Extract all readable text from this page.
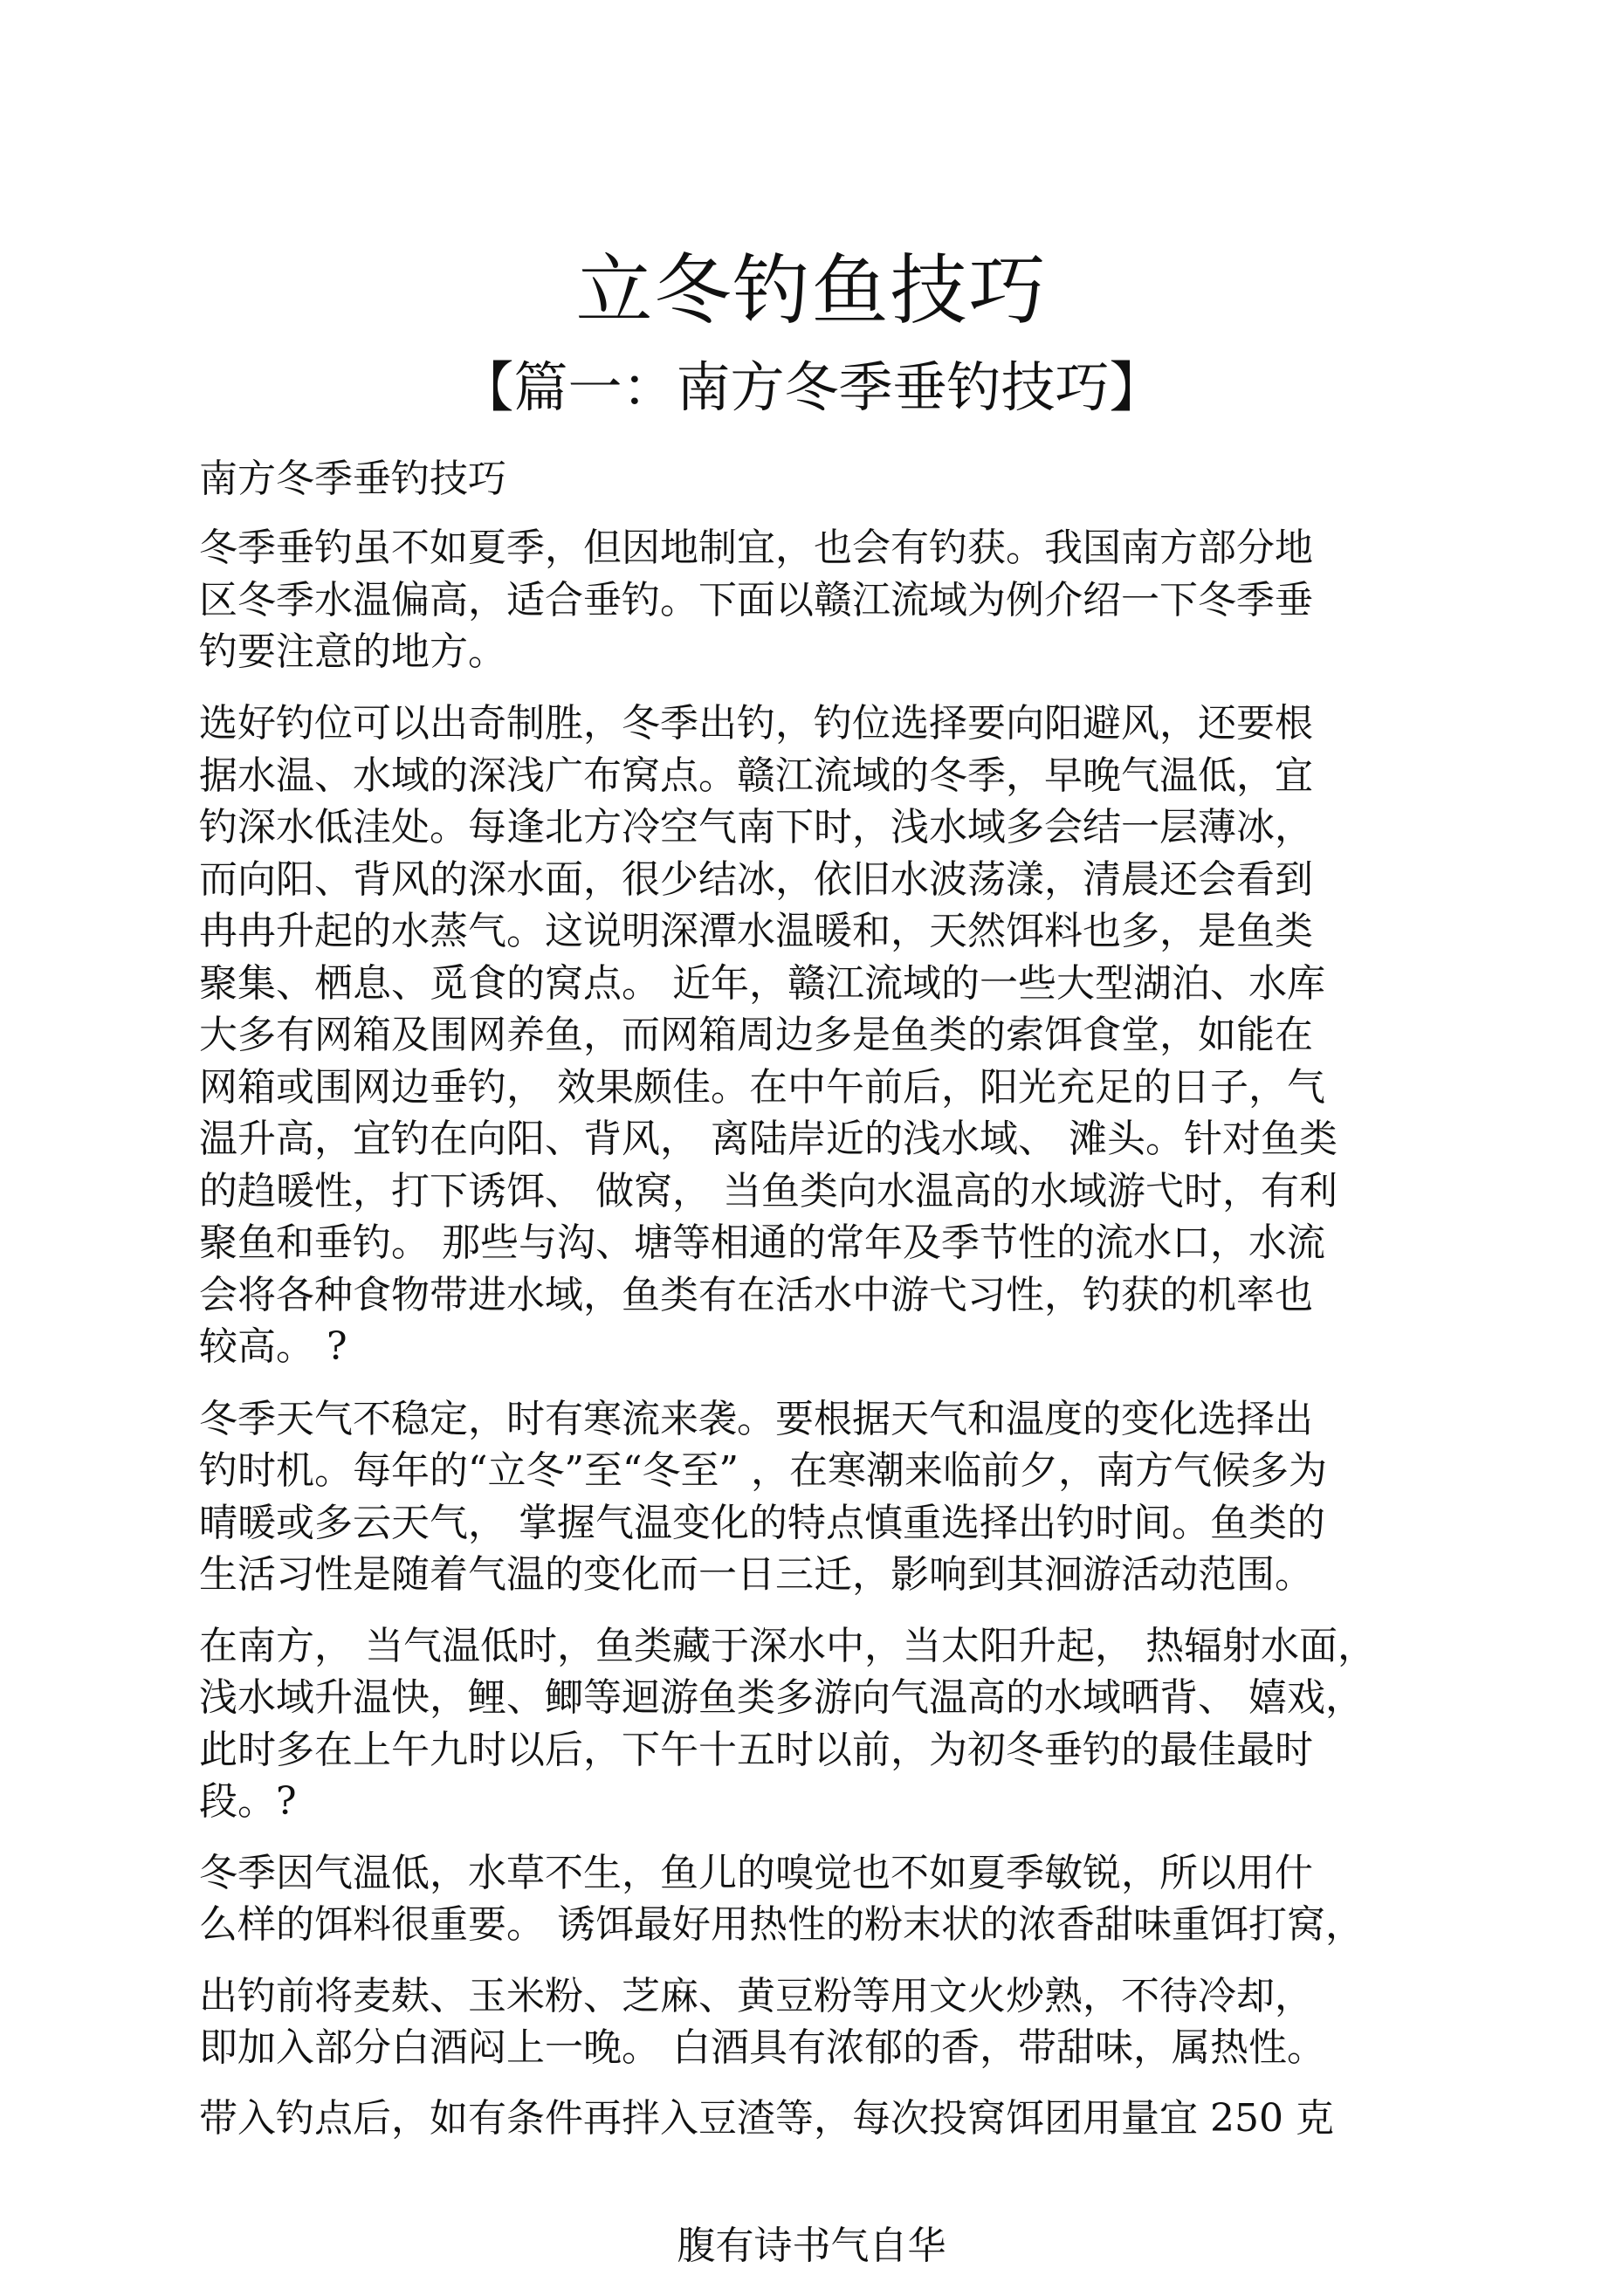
立冬钓鱼技巧
【篇一：南方冬季垂钓技巧】
南方冬季垂钓技巧
冬季垂钓虽不如夏季，但因地制宜，也会有钓获。我国南方部分地
区冬季水温偏高，适合垂钓。下面以赣江流域为例介绍一下冬季垂
钓要注意的地方。
选好钓位可以出奇制胜，冬季出钓，钓位选择要向阳避风，还要根
据水温、水域的深浅广布窝点。赣江流域的冬季，早晚气温低，宜
钓深水低洼处。每逢北方冷空气南下时，浅水域多会结一层薄冰，
而向阳、背风的深水面，很少结冰，依旧水波荡漾，清晨还会看到
冉冉升起的水蒸气。这说明深潭水温暖和，天然饵料也多，是鱼类
聚集、栖息、觅食的窝点。 近年，赣江流域的一些大型湖泊、水库
大多有网箱及围网养鱼，而网箱周边多是鱼类的索饵食堂，如能在
网箱或围网边垂钓， 效果颇佳。在中午前后，阳光充足的日子，气
温升高，宜钓在向阳、背风， 离陆岸近的浅水域、 滩头。针对鱼类
的趋暖性，打下诱饵、 做窝， 当鱼类向水温高的水域游弋时，有利
聚鱼和垂钓。 那些与沟、塘等相通的常年及季节性的流水口，水流
会将各种食物带进水域，鱼类有在活水中游弋习性，钓获的机率也
较高。 ?
冬季天气不稳定，时有寒流来袭。要根据天气和温度的变化选择出
钓时机。每年的“立冬”至“冬至” ，在寒潮来临前夕，南方气候多为
晴暖或多云天气， 掌握气温变化的特点慎重选择出钓时间。鱼类的
生活习性是随着气温的变化而一日三迁，影响到其洄游活动范围。
在南方， 当气温低时，鱼类藏于深水中，当太阳升起， 热辐射水面，
浅水域升温快，鲤、鲫等迴游鱼类多游向气温高的水域晒背、 嬉戏，
此时多在上午九时以后，下午十五时以前，为初冬垂钓的最佳最时
段。?
冬季因气温低，水草不生，鱼儿的嗅觉也不如夏季敏锐，所以用什
么样的饵料很重要。 诱饵最好用热性的粉末状的浓香甜味重饵打窝，
出钓前将麦麸、玉米粉、芝麻、黄豆粉等用文火炒熟，不待冷却，
即加入部分白酒闷上一晚。 白酒具有浓郁的香，带甜味，属热性。
带入钓点后，如有条件再拌入豆渣等，每次投窝饵团用量宜 250 克
腹有诗书气自华
